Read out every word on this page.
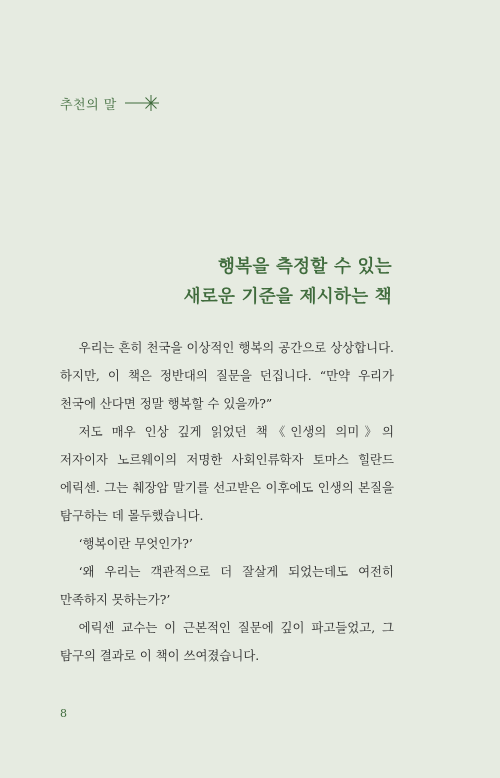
추천의 말
행복을 측정할 수 있는
새로운 기준을 제시하는 책

우리는 흔히 천국을 이상적인 행복의 공간으로 상상합니다. 하지만, 이 책은 정반대의 질문을 던집니다. “만약 우리가 천국에 산다면 정말 행복할 수 있을까?”

저도 매우 인상 깊게 읽었던 책《인생의 의미》의 저자이자 노르웨이의 저명한 사회인류학자 토마스 힐란드 에릭센. 그는 췌장암 말기를 선고받은 이후에도 인생의 본질을 탐구하는 데 몰두했습니다.

‘행복이란 무엇인가?’

‘왜 우리는 객관적으로 더 잘살게 되었는데도 여전히 만족하지 못하는가?’

에릭센 교수는 이 근본적인 질문에 깊이 파고들었고, 그 탐구의 결과로 이 책이 쓰여졌습니다.

8
